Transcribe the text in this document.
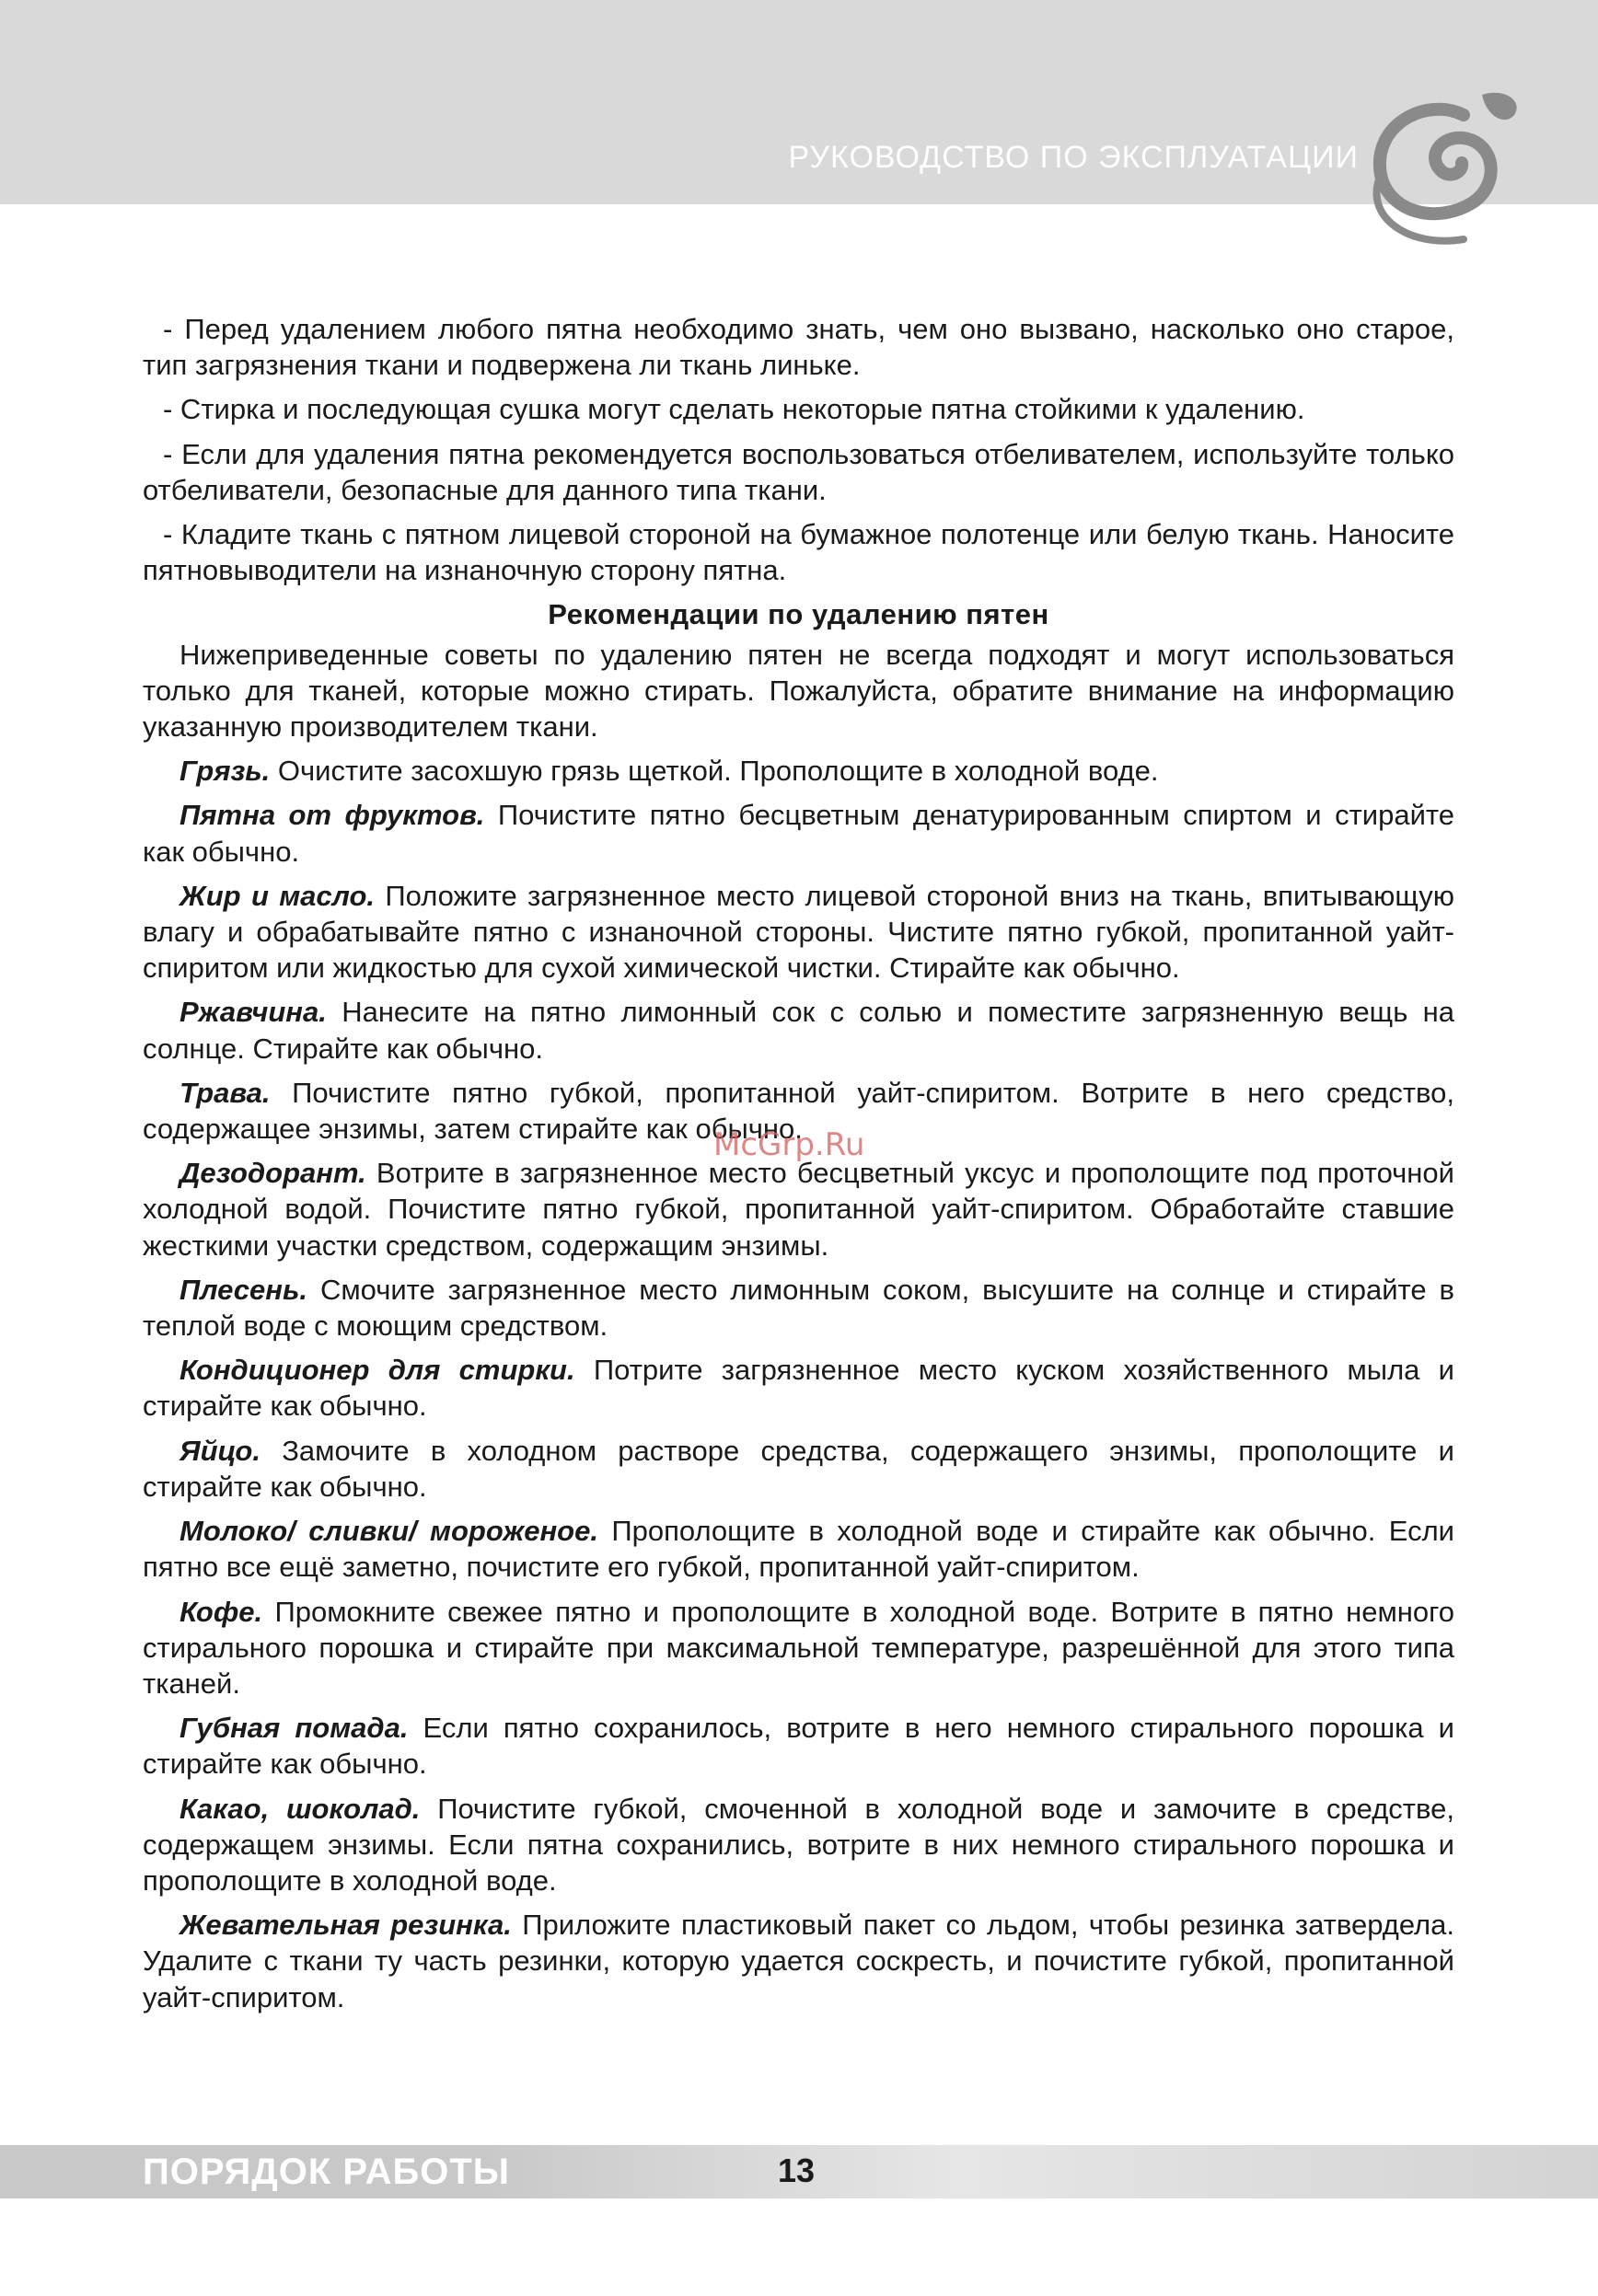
РУКОВОДСТВО ПО ЭКСПЛУАТАЦИИ

- Перед удалением любого пятна необходимо знать, чем оно вызвано, насколько оно старое, тип загрязнения ткани и подвержена ли ткань линьке.

- Стирка и последующая сушка могут сделать некоторые пятна стойкими к удалению.

- Если для удаления пятна рекомендуется воспользоваться отбеливателем, используйте только отбеливатели, безопасные для данного типа ткани.

- Кладите ткань с пятном лицевой стороной на бумажное полотенце или белую ткань. Наносите пятновыводители на изнаночную сторону пятна.

Рекомендации по удалению пятен

Нижеприведенные советы по удалению пятен не всегда подходят и могут использоваться только для тканей, которые можно стирать. Пожалуйста, обратите внимание на информацию указанную производителем ткани.

Грязь. Очистите засохшую грязь щеткой. Прополощите в холодной воде.

Пятна от фруктов. Почистите пятно бесцветным денатурированным спиртом и стирайте как обычно.

Жир и масло. Положите загрязненное место лицевой стороной вниз на ткань, впитывающую влагу и обрабатывайте пятно с изнаночной стороны. Чистите пятно губкой, пропитанной уайт-спиритом или жидкостью для сухой химической чистки. Стирайте как обычно.

Ржавчина. Нанесите на пятно лимонный сок с солью и поместите загрязненную вещь на солнце. Стирайте как обычно.

Трава. Почистите пятно губкой, пропитанной уайт-спиритом. Вотрите в него средство, содержащее энзимы, затем стирайте как обычно.

Дезодорант. Вотрите в загрязненное место бесцветный уксус и прополощите под проточной холодной водой. Почистите пятно губкой, пропитанной уайт-спиритом. Обработайте ставшие жесткими участки средством, содержащим энзимы.

Плесень. Смочите загрязненное место лимонным соком, высушите на солнце и стирайте в теплой воде с моющим средством.

Кондиционер для стирки. Потрите загрязненное место куском хозяйственного мыла и стирайте как обычно.

Яйцо. Замочите в холодном растворе средства, содержащего энзимы, прополощите и стирайте как обычно.

Молоко/ сливки/ мороженое. Прополощите в холодной воде и стирайте как обычно. Если пятно все ещё заметно, почистите его губкой, пропитанной уайт-спиритом.

Кофе. Промокните свежее пятно и прополощите в холодной воде. Вотрите в пятно немного стирального порошка и стирайте при максимальной температуре, разрешённой для этого типа тканей.

Губная помада. Если пятно сохранилось, вотрите в него немного стирального порошка и стирайте как обычно.

Какао, шоколад. Почистите губкой, смоченной в холодной воде и замочите в средстве, содержащем энзимы. Если пятна сохранились, вотрите в них немного стирального порошка и прополощите в холодной воде.

Жевательная резинка. Приложите пластиковый пакет со льдом, чтобы резинка затвердела. Удалите с ткани ту часть резинки, которую удается соскресть, и почистите губкой, пропитанной уайт-спиритом.

McGrp.Ru
ПОРЯДОК РАБОТЫ	13
